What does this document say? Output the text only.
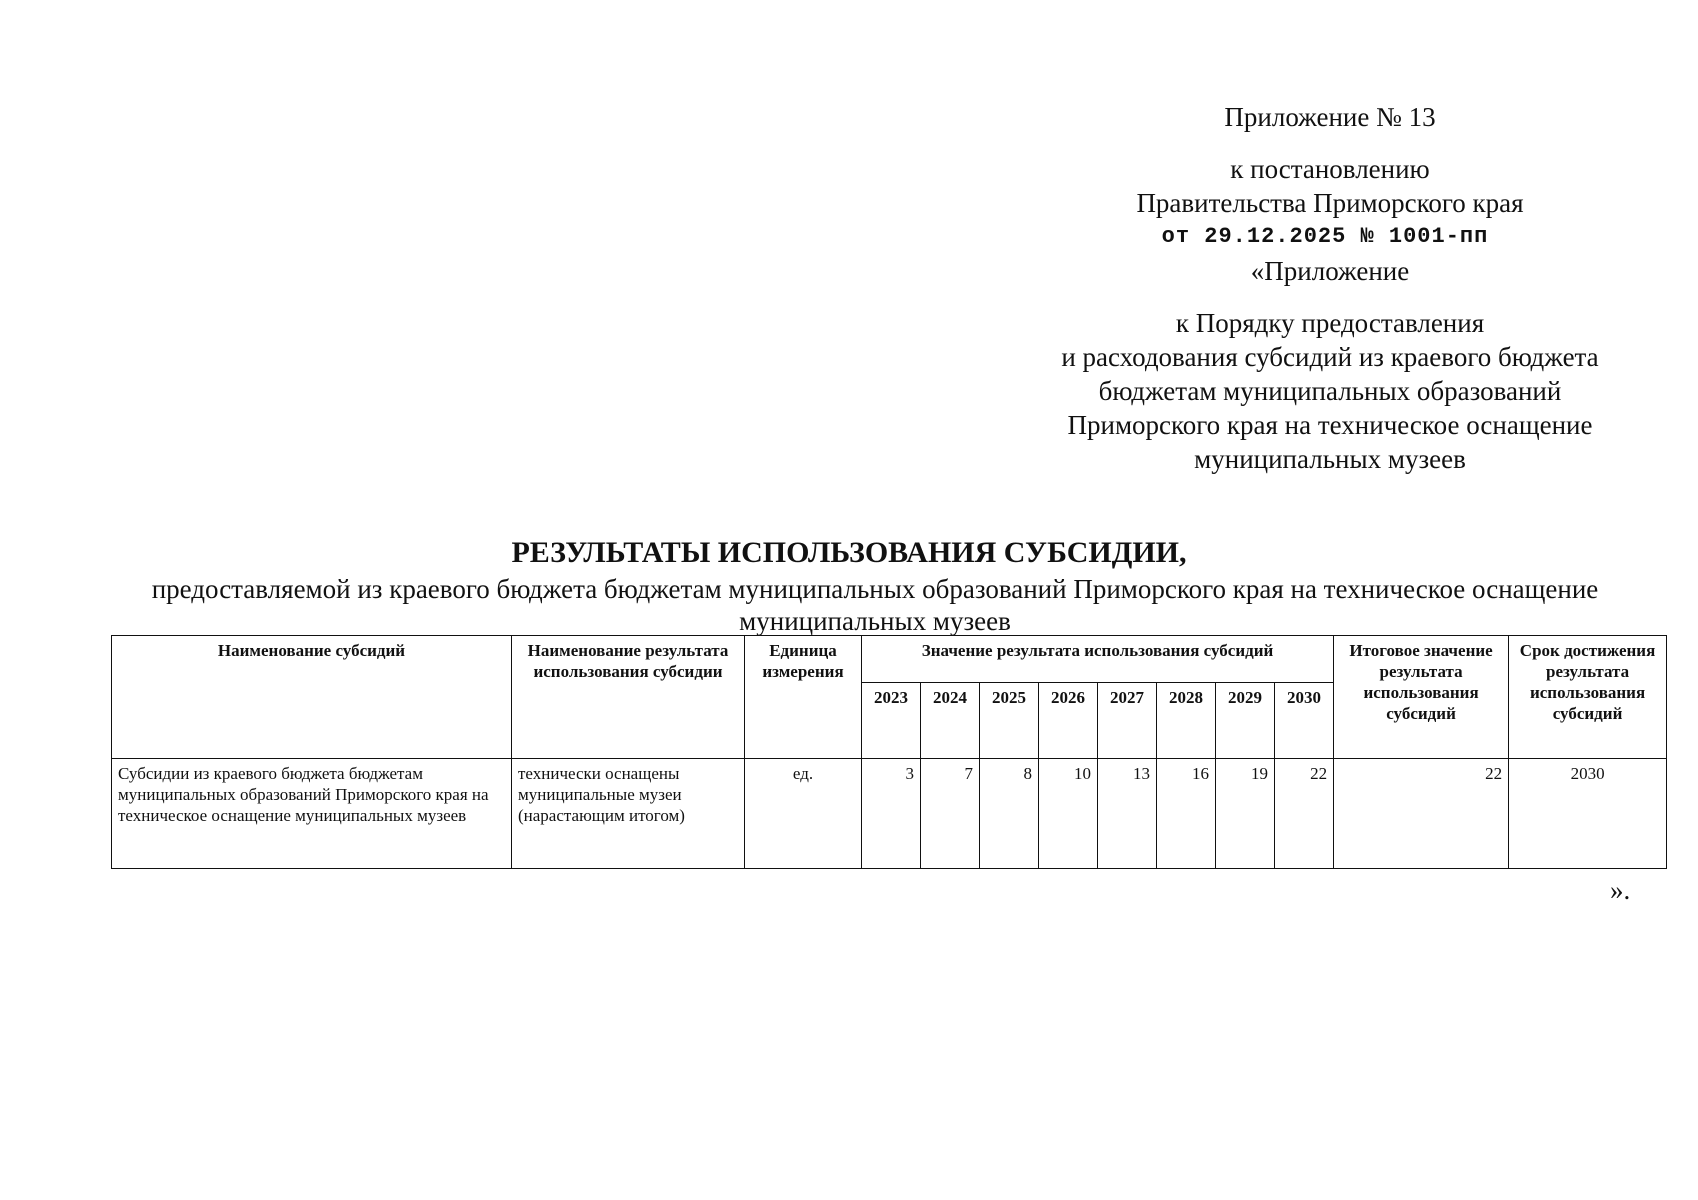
Приложение № 13
к постановлению
Правительства Приморского края
от 29.12.2025 № 1001-пп
«Приложение
к Порядку предоставления
и расходования субсидий из краевого бюджета
бюджетам муниципальных образований
Приморского края на техническое оснащение
муниципальных музеев
РЕЗУЛЬТАТЫ ИСПОЛЬЗОВАНИЯ СУБСИДИИ,
предоставляемой из краевого бюджета бюджетам муниципальных образований Приморского края на техническое оснащение муниципальных музеев
Наименование субсидий	Наименование результата использования субсидии	Единица измерения	Значение результата использования субсидий								Итоговое значение результата использования субсидий	Срок достижения результата использования субсидий
			2023	2024	2025	2026	2027	2028	2029	2030		
Субсидии из краевого бюджета бюджетам муниципальных образований Приморского края на техническое оснащение муниципальных музеев	технически оснащены муниципальные музеи (нарастающим итогом)	ед.	3	7	8	10	13	16	19	22	22	2030
».
